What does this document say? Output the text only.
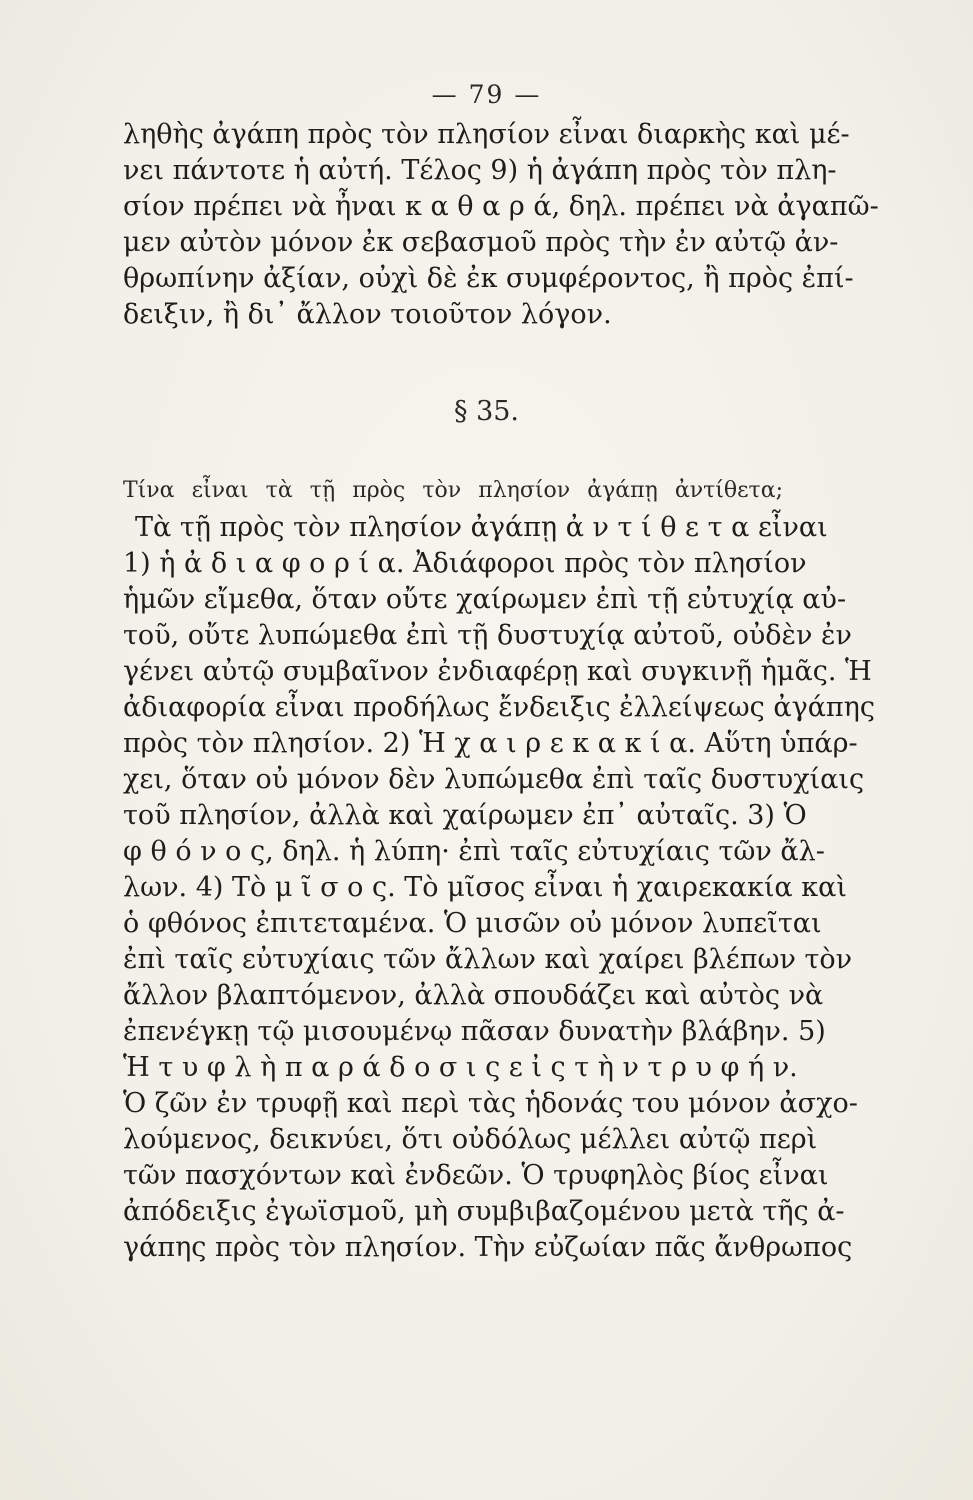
— 79 —
ληθὴς ἀγάπη πρὸς τὸν πλησίον εἶναι διαρκὴς καὶ μέ-
νει πάντοτε ἡ αὐτή. Τέλος 9) ἡ ἀγάπη πρὸς τὸν πλη-
σίον πρέπει νὰ ἦναι κ α θ α ρ ά, δηλ. πρέπει νὰ ἀγαπῶ-
μεν αὐτὸν μόνον ἐκ σεβασμοῦ πρὸς τὴν ἐν αὐτῷ ἀν-
θρωπίνην ἀξίαν, οὐχὶ δὲ ἐκ συμφέροντος, ἢ πρὸς ἐπί-
δειξιν, ἢ δι᾽ ἄλλον τοιοῦτον λόγον.
§ 35.
Τίνα εἶναι τὰ τῇ πρὸς τὸν πλησίον ἀγάπῃ ἀντίθετα;
Τὰ τῇ πρὸς τὸν πλησίον ἀγάπῃ ἀ ν τ ί θ ε τ α εἶναι
1) ἡ ἀ δ ι α φ ο ρ ί α. Ἀδιάφοροι πρὸς τὸν πλησίον
ἡμῶν εἴμεθα, ὅταν οὔτε χαίρωμεν ἐπὶ τῇ εὐτυχίᾳ αὐ-
τοῦ, οὔτε λυπώμεθα ἐπὶ τῇ δυστυχίᾳ αὐτοῦ, οὐδὲν ἐν
γένει αὐτῷ συμβαῖνον ἐνδιαφέρῃ καὶ συγκινῇ ἡμᾶς. Ἡ
ἀδιαφορία εἶναι προδήλως ἔνδειξις ἐλλείψεως ἀγάπης
πρὸς τὸν πλησίον. 2) Ἡ χ α ι ρ ε κ α κ ί α. Αὕτη ὑπάρ-
χει, ὅταν οὐ μόνον δὲν λυπώμεθα ἐπὶ ταῖς δυστυχίαις
τοῦ πλησίον, ἀλλὰ καὶ χαίρωμεν ἐπ᾽ αὐταῖς. 3) Ὁ
φ θ ό ν ο ς, δηλ. ἡ λύπη· ἐπὶ ταῖς εὐτυχίαις τῶν ἄλ-
λων. 4) Τὸ μ ῖ σ ο ς. Τὸ μῖσος εἶναι ἡ χαιρεκακία καὶ
ὁ φθόνος ἐπιτεταμένα. Ὁ μισῶν οὐ μόνον λυπεῖται
ἐπὶ ταῖς εὐτυχίαις τῶν ἄλλων καὶ χαίρει βλέπων τὸν
ἄλλον βλαπτόμενον, ἀλλὰ σπουδάζει καὶ αὐτὸς νὰ
ἐπενέγκῃ τῷ μισουμένῳ πᾶσαν δυνατὴν βλάβην. 5)
Ἡ τ υ φ λ ὴ π α ρ ά δ ο σ ι ς ε ἰ ς τ ὴ ν τ ρ υ φ ή ν.
Ὁ ζῶν ἐν τρυφῇ καὶ περὶ τὰς ἡδονάς του μόνον ἀσχο-
λούμενος, δεικνύει, ὅτι οὐδόλως μέλλει αὐτῷ περὶ
τῶν πασχόντων καὶ ἐνδεῶν. Ὁ τρυφηλὸς βίος εἶναι
ἀπόδειξις ἐγωϊσμοῦ, μὴ συμβιβαζομένου μετὰ τῆς ἀ-
γάπης πρὸς τὸν πλησίον. Τὴν εὐζωίαν πᾶς ἄνθρωπος
